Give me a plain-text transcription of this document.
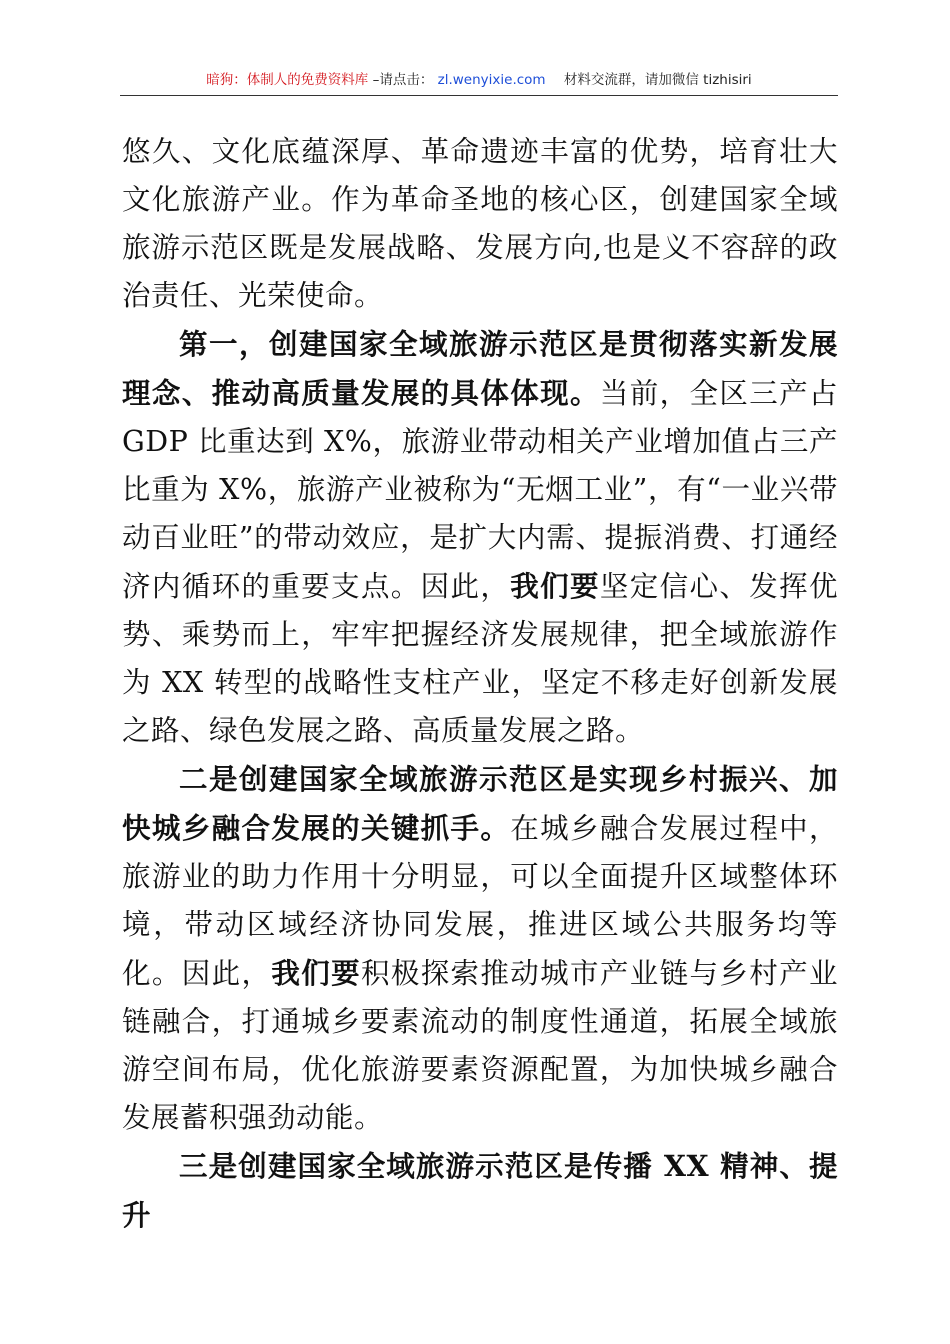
暗狗：体制人的免费资料库 –请点击： zl.wenyixie.com 材料交流群，请加微信 tizhisiri

悠久、文化底蕴深厚、革命遗迹丰富的优势，培育壮大文化旅游产业。作为革命圣地的核心区，创建国家全域旅游示范区既是发展战略、发展方向,也是义不容辞的政治责任、光荣使命。

第一，创建国家全域旅游示范区是贯彻落实新发展理念、推动高质量发展的具体体现。当前，全区三产占GDP 比重达到 X%，旅游业带动相关产业增加值占三产比重为 X%，旅游产业被称为“无烟工业”，有“一业兴带动百业旺”的带动效应，是扩大内需、提振消费、打通经济内循环的重要支点。因此，我们要坚定信心、发挥优势、乘势而上，牢牢把握经济发展规律，把全域旅游作为 XX 转型的战略性支柱产业，坚定不移走好创新发展之路、绿色发展之路、高质量发展之路。

二是创建国家全域旅游示范区是实现乡村振兴、加快城乡融合发展的关键抓手。在城乡融合发展过程中，旅游业的助力作用十分明显，可以全面提升区域整体环境，带动区域经济协同发展，推进区域公共服务均等化。因此，我们要积极探索推动城市产业链与乡村产业链融合，打通城乡要素流动的制度性通道，拓展全域旅游空间布局，优化旅游要素资源配置，为加快城乡融合发展蓄积强劲动能。

三是创建国家全域旅游示范区是传播 XX 精神、提升
